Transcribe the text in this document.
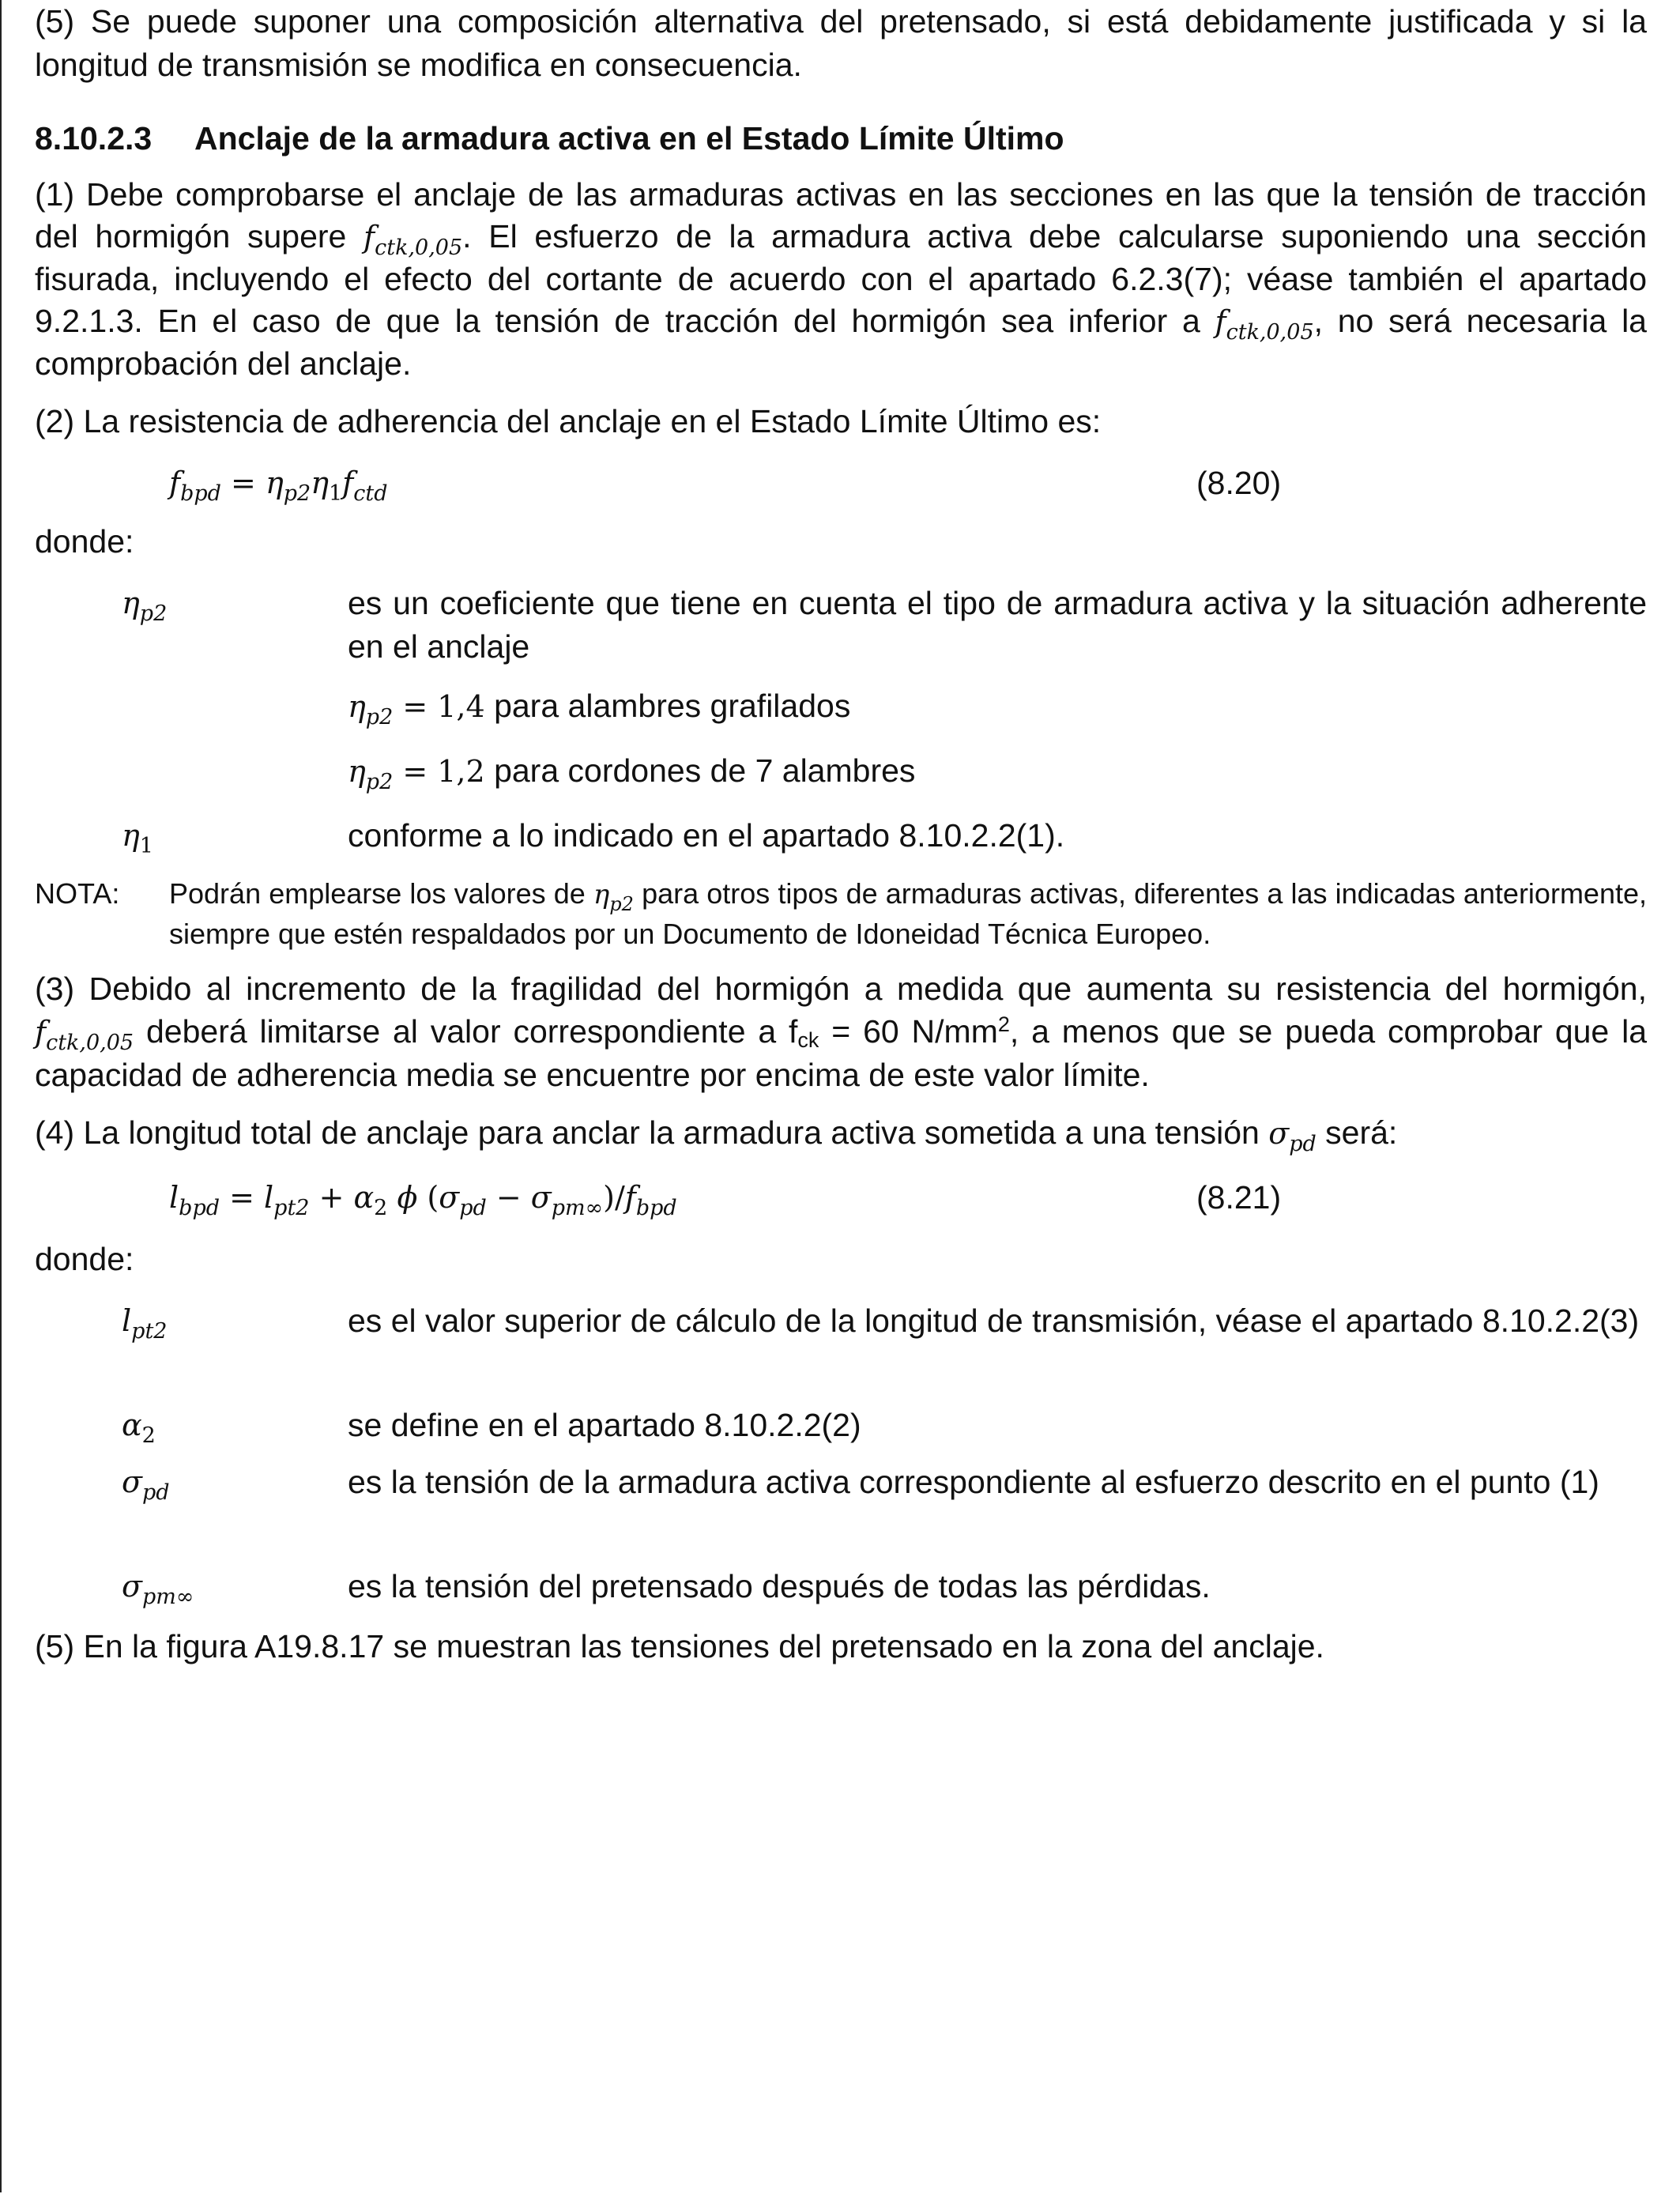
(5) Se puede suponer una composición alternativa del pretensado, si está debidamente justificada y si la longitud de transmisión se modifica en consecuencia.

8.10.2.3 Anclaje de la armadura activa en el Estado Límite Último

(1) Debe comprobarse el anclaje de las armaduras activas en las secciones en las que la tensión de tracción del hormigón supere $f_{ctk,0,05}$. El esfuerzo de la armadura activa debe calcularse suponiendo una sección fisurada, incluyendo el efecto del cortante de acuerdo con el apartado 6.2.3(7); véase también el apartado 9.2.1.3. En el caso de que la tensión de tracción del hormigón sea inferior a $f_{ctk,0,05}$, no será necesaria la comprobación del anclaje.

(2) La resistencia de adherencia del anclaje en el Estado Límite Último es:

$f_{bpd} = \eta_{p2}\eta_1f_{ctd}$	(8.20)

donde:

$\eta_{p2}$	es un coeficiente que tiene en cuenta el tipo de armadura activa y la situación adherente en el anclaje
$\eta_{p2} = 1,4$ para alambres grafilados
$\eta_{p2} = 1,2$ para cordones de 7 alambres
$\eta_1$	conforme a lo indicado en el apartado 8.10.2.2(1).
NOTA: Podrán emplearse los valores de $\eta_{p2}$ para otros tipos de armaduras activas, diferentes a las indicadas anteriormente, siempre que estén respaldados por un Documento de Idoneidad Técnica Europeo.

(3) Debido al incremento de la fragilidad del hormigón a medida que aumenta su resistencia del hormigón, $f_{ctk,0,05}$ deberá limitarse al valor correspondiente a $f_{ck} = 60$ $N/mm^2$, a menos que se pueda comprobar que la capacidad de adherencia media se encuentre por encima de este valor límite.

(4) La longitud total de anclaje para anclar la armadura activa sometida a una tensión $\sigma_{pd}$ será:

$l_{bpd} = l_{pt2} + \alpha_2$ ϕ $(\sigma_{pd} - \sigma_{pm\infty})/f_{bpd}$	(8.21)

donde:

$l_{pt2}$	es el valor superior de cálculo de la longitud de transmisión, véase el apartado 8.10.2.2(3)
$\alpha_2$	se define en el apartado 8.10.2.2(2)
$\sigma_{pd}$	es la tensión de la armadura activa correspondiente al esfuerzo descrito en el punto (1)
$\sigma_{pm\infty}$	es la tensión del pretensado después de todas las pérdidas.

(5) En la figura A19.8.17 se muestran las tensiones del pretensado en la zona del anclaje.
